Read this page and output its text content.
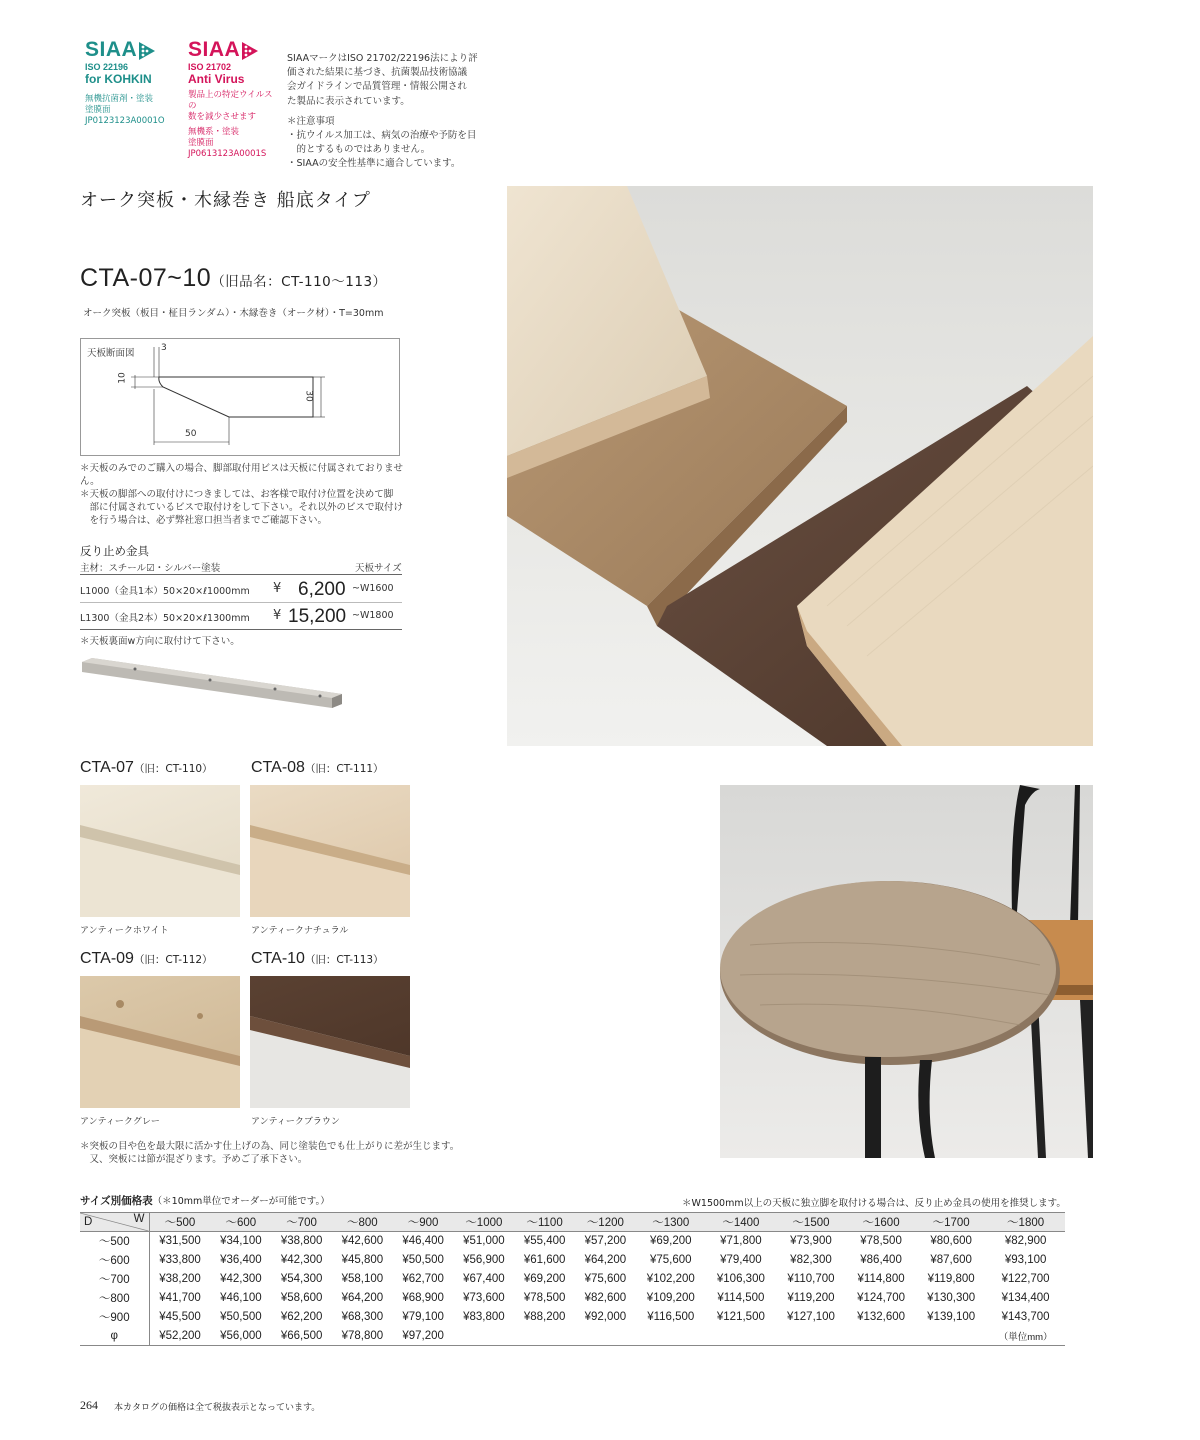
SIAA
ISO 22196
for KOHKIN
無機抗菌剤・塗装
塗膜面
JP0123123A0001O
SIAA
ISO 21702
Anti Virus
製品上の特定ウイルスの
数を減少させます
無機系・塗装
塗膜面
JP0613123A0001S
SIAAマークはISO 21702/22196法により評
価された結果に基づき、抗菌製品技術協議
会ガイドラインで品質管理・情報公開され
た製品に表示されています。
＊注意事項
・抗ウイルス加工は、病気の治療や予防を目
　的とするものではありません。
・SIAAの安全性基準に適合しています。
オーク突板・木縁巻き 船底タイプ
CTA-07~10（旧品名：CT-110～113）
オーク突板（板目・柾目ランダム）・木縁巻き（オーク材）・T=30mm
天板断面図	3
10
30
50
＊天板のみでのご購入の場合、脚部取付用ビスは天板に付属されておりません。
＊天板の脚部への取付けにつきましては、お客様で取付け位置を決めて脚
　部に付属されているビスで取付けをして下さい。それ以外のビスで取付け
　を行う場合は、必ず弊社窓口担当者までご確認下さい。
反り止め金具
主材：スチール☑・シルバー塗装	天板サイズ
L1000（金具1本）50×20×ℓ1000mm ¥ 6,200 ~W1600
L1300（金具2本）50×20×ℓ1300mm ¥ 15,200 ~W1800
＊天板裏面w方向に取付けて下さい。
CTA-07（旧：CT-110） CTA-08（旧：CT-111）
アンティークホワイト	アンティークナチュラル
CTA-09（旧：CT-112） CTA-10（旧：CT-113）
アンティークグレー	アンティークブラウン
＊突板の目や色を最大限に活かす仕上げの為、同じ塗装色でも仕上がりに差が生じます。
　又、突板には節が混ざります。予めご了承下さい。
サイズ別価格表（＊10mm単位でオーダーが可能です。）	＊W1500mm以上の天板に独立脚を取付ける場合は、反り止め金具の使用を推奨します。
D W	～500	～600	～700	～800	～900	～1000	～1100	～1200	～1300	～1400	～1500	～1600	～1700	～1800
～500	¥31,500	¥34,100	¥38,800	¥42,600	¥46,400	¥51,000	¥55,400	¥57,200	¥69,200	¥71,800	¥73,900	¥78,500	¥80,600	¥82,900
～600	¥33,800	¥36,400	¥42,300	¥45,800	¥50,500	¥56,900	¥61,600	¥64,200	¥75,600	¥79,400	¥82,300	¥86,400	¥87,600	¥93,100
～700	¥38,200	¥42,300	¥54,300	¥58,100	¥62,700	¥67,400	¥69,200	¥75,600	¥102,200	¥106,300	¥110,700	¥114,800	¥119,800	¥122,700
～800	¥41,700	¥46,100	¥58,600	¥64,200	¥68,900	¥73,600	¥78,500	¥82,600	¥109,200	¥114,500	¥119,200	¥124,700	¥130,300	¥134,400
～900	¥45,500	¥50,500	¥62,200	¥68,300	¥79,100	¥83,800	¥88,200	¥92,000	¥116,500	¥121,500	¥127,100	¥132,600	¥139,100	¥143,700
φ	¥52,200	¥56,000	¥66,500	¥78,800	¥97,200									（単位mm）
264 本カタログの価格は全て税抜表示となっています。
